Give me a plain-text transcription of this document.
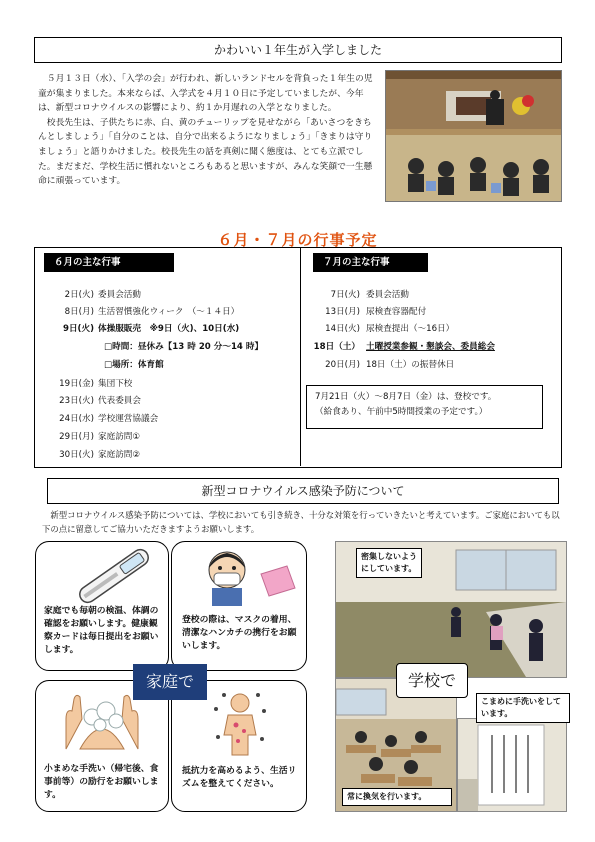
かわいい１年生が入学しました
　５月１３日（水）、「入学の会」が行われ、新しいランドセルを背負った１年生の児童が集まりました。本来ならば、入学式を４月１０日に予定していましたが、今年は、新型コロナウイルスの影響により、約１か月遅れの入学となりました。
　校長先生は、子供たちに赤、白、黄のチューリップを見せながら「あいさつをきちんとしましょう」「自分のことは、自分で出来るようになりましょう」「きまりは守りましょう」と語りかけました。校長先生の話を真剣に聞く態度は、とても立派でした。まだまだ、学校生活に慣れないところもあると思いますが、みんな笑顔で一生懸命に頑張っています。
６月・７月の行事予定
６月の主な行事	７月の主な行事
2日(火) 委員会活動
8日(月) 生活習慣強化ウィーク　（～１４日）
9日(火) 体操服販売　※9日（火)、10日(水)
□時間：昼休み【13 時 20 分～14 時】
□場所：体育館
19日(金) 集団下校
23日(火) 代表委員会
24日(水) 学校運営協議会
29日(月) 家庭訪問①
30日(火) 家庭訪問②
7日(火) 委員会活動
13日(月) 尿検査容器配付
14日(火) 尿検査提出（～16日）
18日（土） 土曜授業参観・懇談会、委員総会
20日(月) 18日（土）の振替休日
7月21日（火）～8月7日（金）は、登校です。
（給食あり、午前中5時間授業の予定です。）
新型コロナウイルス感染予防について
　新型コロナウイルス感染予防については、学校においても引き続き、十分な対策を行っていきたいと考えています。ご家庭においても以下の点に留意してご協力いただきますようお願いします。
家庭でも毎朝の検温、体調の確認をお願いします。健康観察カードは毎日提出をお願いします。
登校の際は、マスクの着用、清潔なハンカチの携行をお願いします。
小まめな手洗い（帰宅後、食事前等）の励行をお願いします。
抵抗力を高めるよう、生活リズムを整えてください。
家庭で
密集しないようにしています。
常に換気を行います。
こまめに手洗いをしています。
学校で
